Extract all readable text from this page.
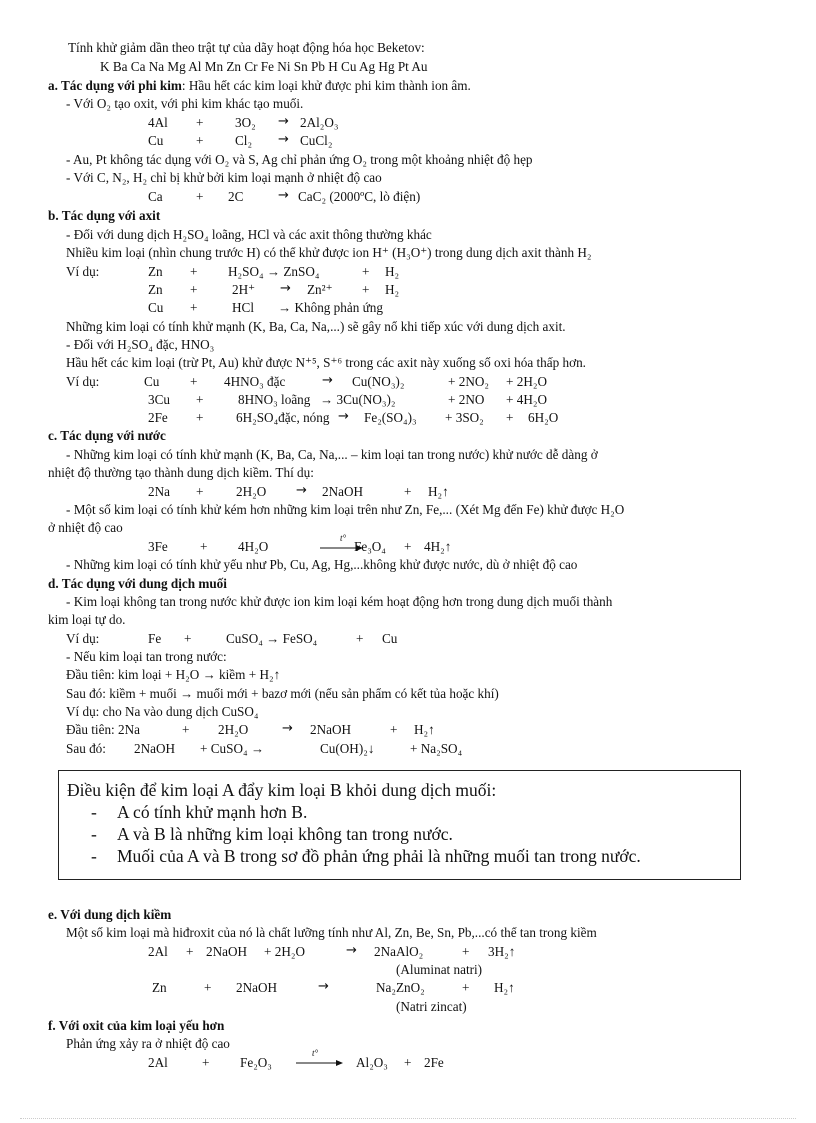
Tính khử giảm dần theo trật tự của dãy hoạt động hóa học Beketov:
K Ba Ca Na Mg Al Mn Zn Cr Fe Ni Sn Pb H Cu Ag Hg Pt Au
a. Tác dụng với phi kim: Hầu hết các kim loại khử được phi kim thành ion âm.
- Với O₂ tạo oxit, với phi kim khác tạo muối.
4Al + 3O₂ → 2Al₂O₃
Cu + Cl₂ → CuCl₂
- Au, Pt không tác dụng với O₂ và S, Ag chỉ phản ứng O₂ trong một khoảng nhiệt độ hẹp
- Với C, N₂, H₂ chỉ bị khử bởi kim loại mạnh ở nhiệt độ cao
Ca	+ 2C	→ CaC₂ (2000ºC, lò điện)
b. Tác dụng với axit
- Đối với dung dịch H₂SO₄ loãng, HCl và các axit thông thường khác
Nhiều kim loại (nhìn chung trước H) có thể khử được ion H⁺ (H₃O⁺) trong dung dịch axit thành H₂
Ví dụ:	Zn + H₂SO₄ → ZnSO₄	+ H₂
Zn +	2H⁺ → Zn²⁺ + H₂
Cu +	HCl → Không phản ứng
Những kim loại có tính khử mạnh (K, Ba, Ca, Na,...) sẽ gây nổ khi tiếp xúc với dung dịch axit.
- Đối với H₂SO₄ đặc, HNO₃
Hầu hết các kim loại (trừ Pt, Au) khử được N⁺⁵, S⁺⁶ trong các axit này xuống số oxi hóa thấp hơn.
Ví dụ:	Cu + 4HNO₃ đặc	→ Cu(NO₃)₂	+ 2NO₂ + 2H₂O
3Cu +	8HNO₃ loãng → 3Cu(NO₃)₂	+ 2NO + 4H₂O
2Fe + 6H₂SO₄đặc, nóng → Fe₂(SO₄)₃ + 3SO₂ + 6H₂O
c. Tác dụng với nước
- Những kim loại có tính khử mạnh (K, Ba, Ca, Na,... – kim loại tan trong nước) khử nước dễ dàng ở
nhiệt độ thường tạo thành dung dịch kiềm. Thí dụ:
2Na + 2H₂O → 2NaOH	+ H₂↑
- Một số kim loại có tính khử kém hơn những kim loại trên như Zn, Fe,... (Xét Mg đến Fe) khử được H₂O
ở nhiệt độ cao
3Fe + 4H₂O
t°
Fe₃O₄ + 4H₂↑
- Những kim loại có tính khử yếu như Pb, Cu, Ag, Hg,...không khử được nước, dù ở nhiệt độ cao
d. Tác dụng với dung dịch muối
- Kim loại không tan trong nước khử được ion kim loại kém hoạt động hơn trong dung dịch muối thành
kim loại tự do.
Ví dụ:	Fe +	CuSO₄ → FeSO₄	+ Cu
- Nếu kim loại tan trong nước:
Đầu tiên: kim loại + H₂O → kiềm + H₂↑
Sau đó: kiềm + muối → muối mới + bazơ mới (nếu sản phẩm có kết tủa hoặc khí)
Ví dụ: cho Na vào dung dịch CuSO₄
Đầu tiên: 2Na	+ 2H₂O	→ 2NaOH	+ H₂↑
Sau đó: 2NaOH + CuSO₄ →	Cu(OH)₂↓	+ Na₂SO₄
Điều kiện để kim loại A đẩy kim loại B khỏi dung dịch muối:
- A có tính khử mạnh hơn B.
- A và B là những kim loại không tan trong nước.
- Muối của A và B trong sơ đồ phản ứng phải là những muối tan trong nước.
e. Với dung dịch kiềm
Một số kim loại mà hiđroxit của nó là chất lưỡng tính như Al, Zn, Be, Sn, Pb,...có thể tan trong kiềm
2Al + 2NaOH + 2H₂O	→ 2NaAlO₂	+ 3H₂↑
(Aluminat natri)
Zn	+ 2NaOH	→	Na₂ZnO₂	+ H₂↑
(Natri zincat)
f. Với oxit của kim loại yếu hơn
Phản ứng xảy ra ở nhiệt độ cao
2Al	+ Fe₂O₃
t°
Al₂O₃ + 2Fe
